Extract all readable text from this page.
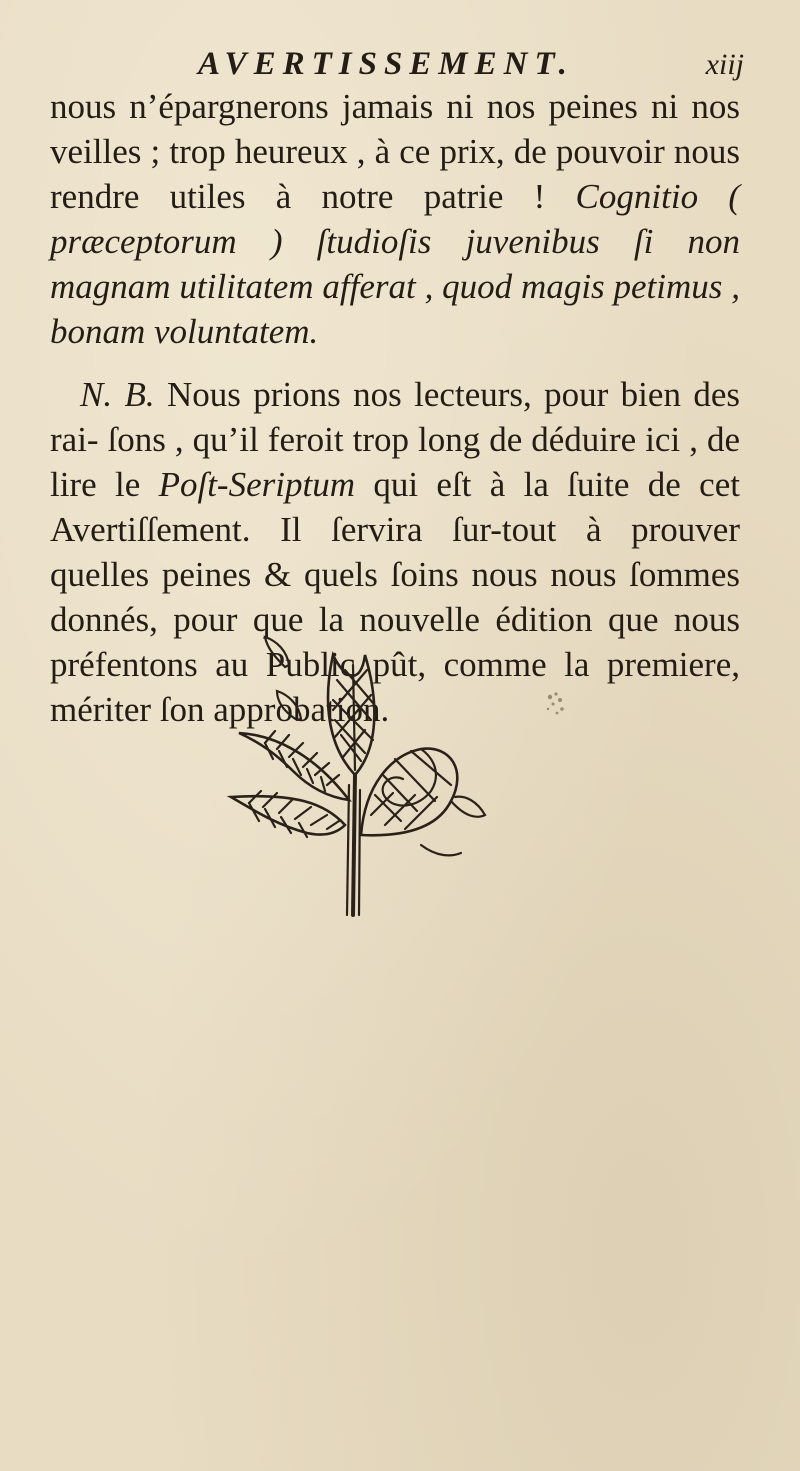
AVERTISSEMENT.	xiij

nous n’épargnerons jamais ni nos peines ni nos veilles ; trop heureux , à ce prix, de pouvoir nous rendre utiles à notre patrie ! Cognitio ( præceptorum ) ſtudioſis juvenibus ſi non magnam utilitatem afferat , quod magis petimus , bonam voluntatem.

N. B. Nous prions nos lecteurs, pour bien des rai- ſons , qu’il feroit trop long de déduire ici , de lire le Poſt-Seriptum qui eſt à la ſuite de cet Avertiſſement. Il ſervira ſur-tout à prouver quelles peines & quels ſoins nous nous ſommes donnés, pour que la nouvelle édition que nous préfentons au Public pût, comme la premiere, mériter ſon approbation.
